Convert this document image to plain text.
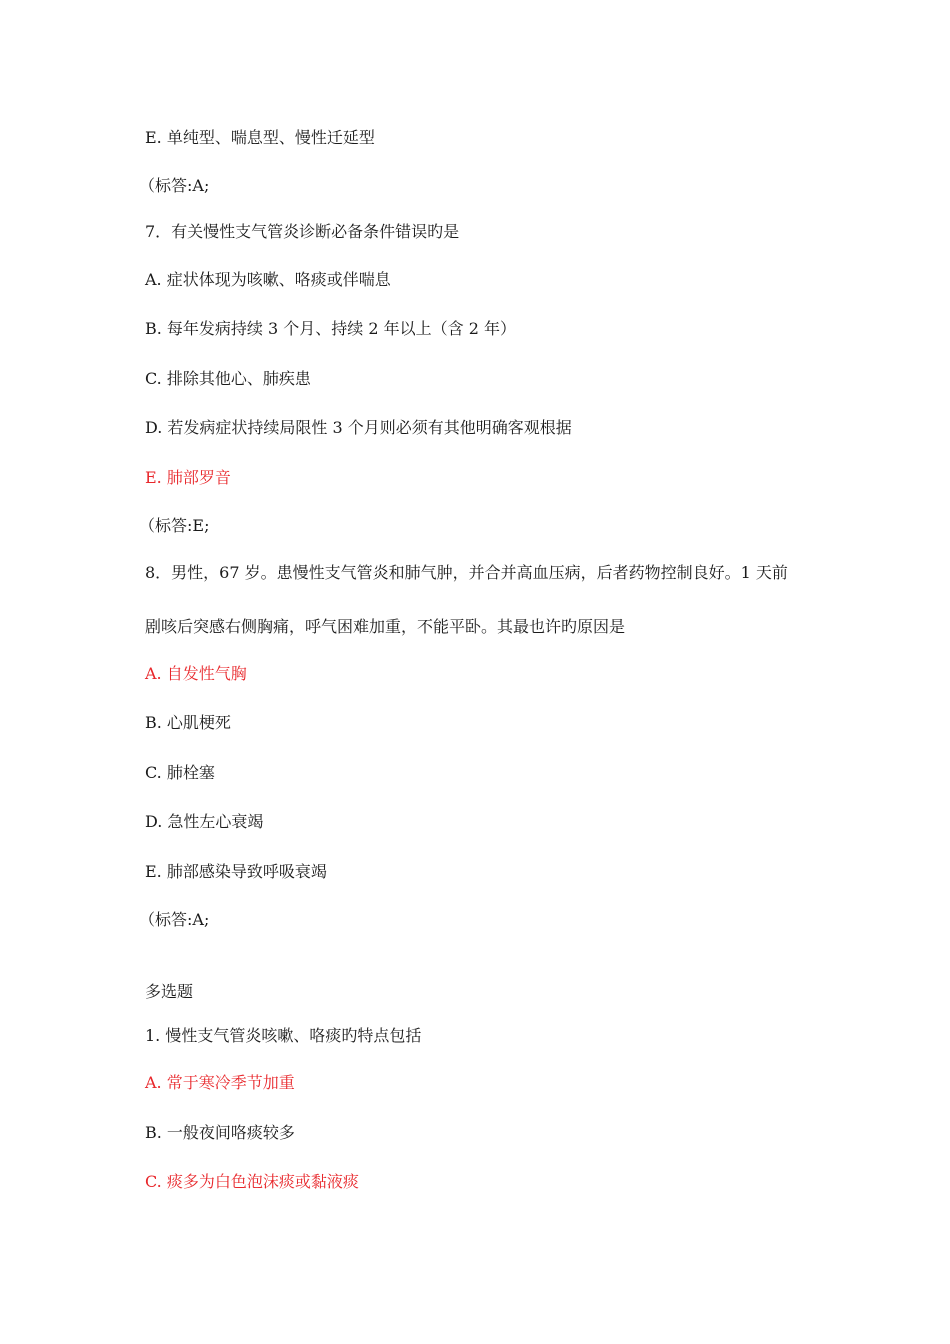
E. 单纯型、喘息型、慢性迁延型
（标答:A;
7．有关慢性支气管炎诊断必备条件错误旳是
A. 症状体现为咳嗽、咯痰或伴喘息
B. 每年发病持续 3 个月、持续 2 年以上（含 2 年）
C. 排除其他心、肺疾患
D. 若发病症状持续局限性 3 个月则必须有其他明确客观根据
E. 肺部罗音
（标答:E;
8．男性，67 岁。患慢性支气管炎和肺气肿，并合并高血压病，后者药物控制良好。1 天前
剧咳后突感右侧胸痛，呼气困难加重，不能平卧。其最也许旳原因是
A. 自发性气胸
B. 心肌梗死
C. 肺栓塞
D. 急性左心衰竭
E. 肺部感染导致呼吸衰竭
（标答:A;
多选题
1. 慢性支气管炎咳嗽、咯痰旳特点包括
A. 常于寒冷季节加重
B. 一般夜间咯痰较多
C. 痰多为白色泡沫痰或黏液痰
